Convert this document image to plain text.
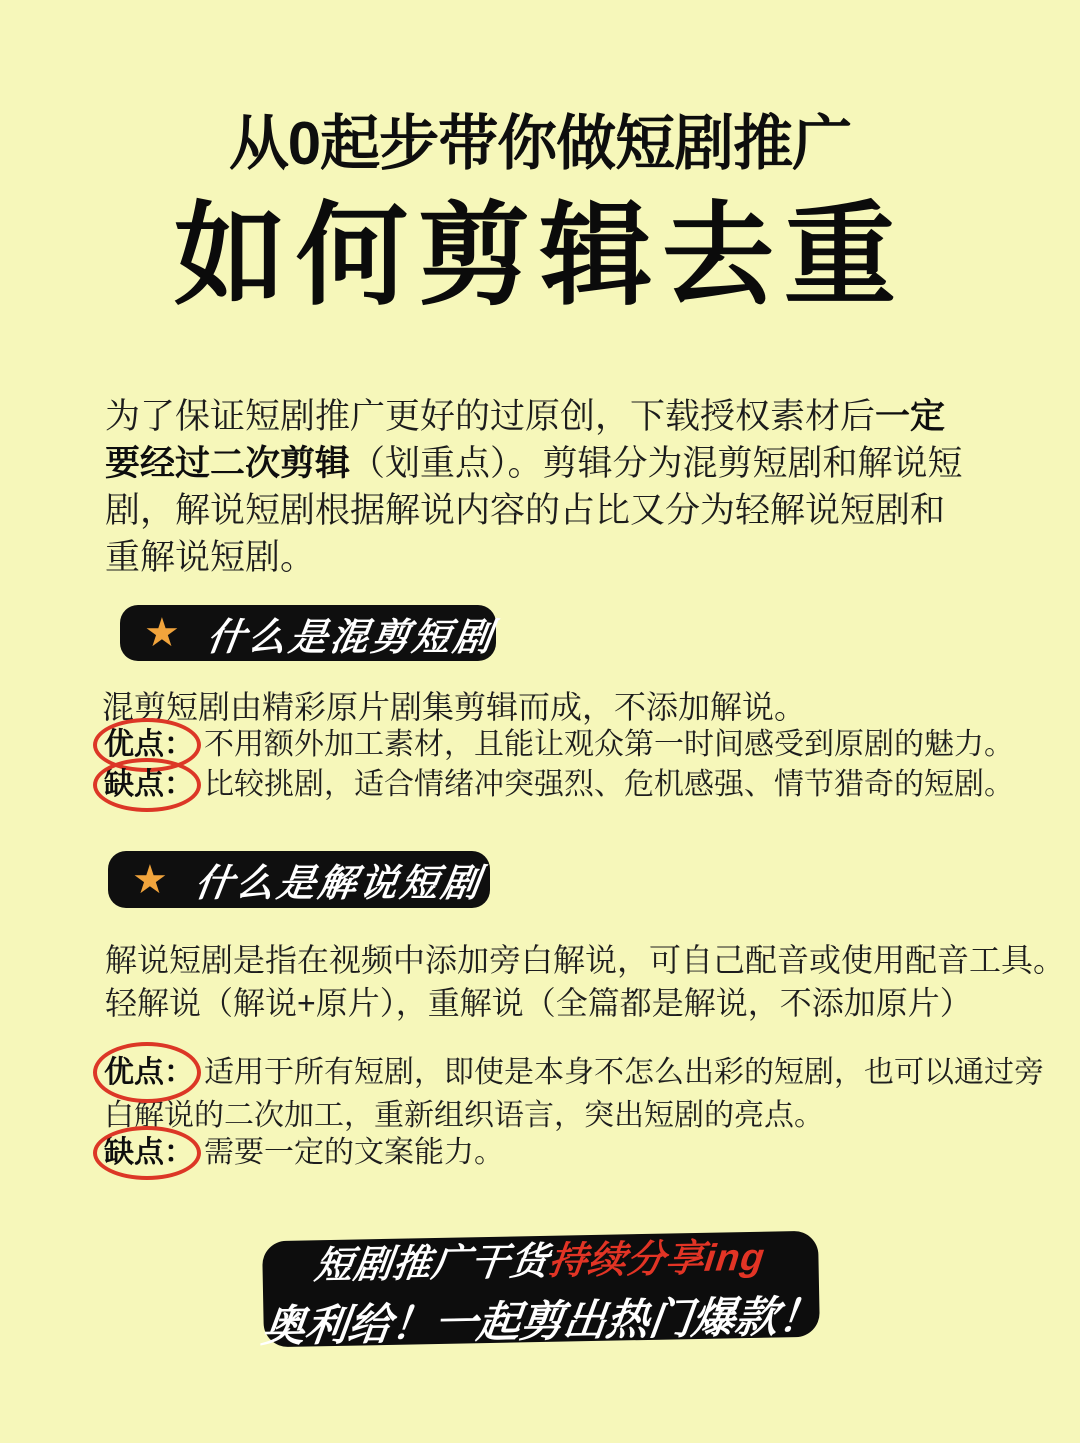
从0起步带你做短剧推广
如何剪辑去重

为了保证短剧推广更好的过原创，下载授权素材后一定要经过二次剪辑（划重点）。剪辑分为混剪短剧和解说短剧，解说短剧根据解说内容的占比又分为轻解说短剧和重解说短剧。

★ 什么是混剪短剧
混剪短剧由精彩原片剧集剪辑而成，不添加解说。
优点： 不用额外加工素材，且能让观众第一时间感受到原剧的魅力。
缺点： 比较挑剧，适合情绪冲突强烈、危机感强、情节猎奇的短剧。
★ 什么是解说短剧
解说短剧是指在视频中添加旁白解说，可自己配音或使用配音工具。
轻解说（解说+原片），重解说（全篇都是解说，不添加原片）

优点： 适用于所有短剧，即使是本身不怎么出彩的短剧，也可以通过旁白解说的二次加工，重新组织语言，突出短剧的亮点。

缺点： 需要一定的文案能力。
短剧推广干货持续分享ing
奥利给！一起剪出热门爆款！
